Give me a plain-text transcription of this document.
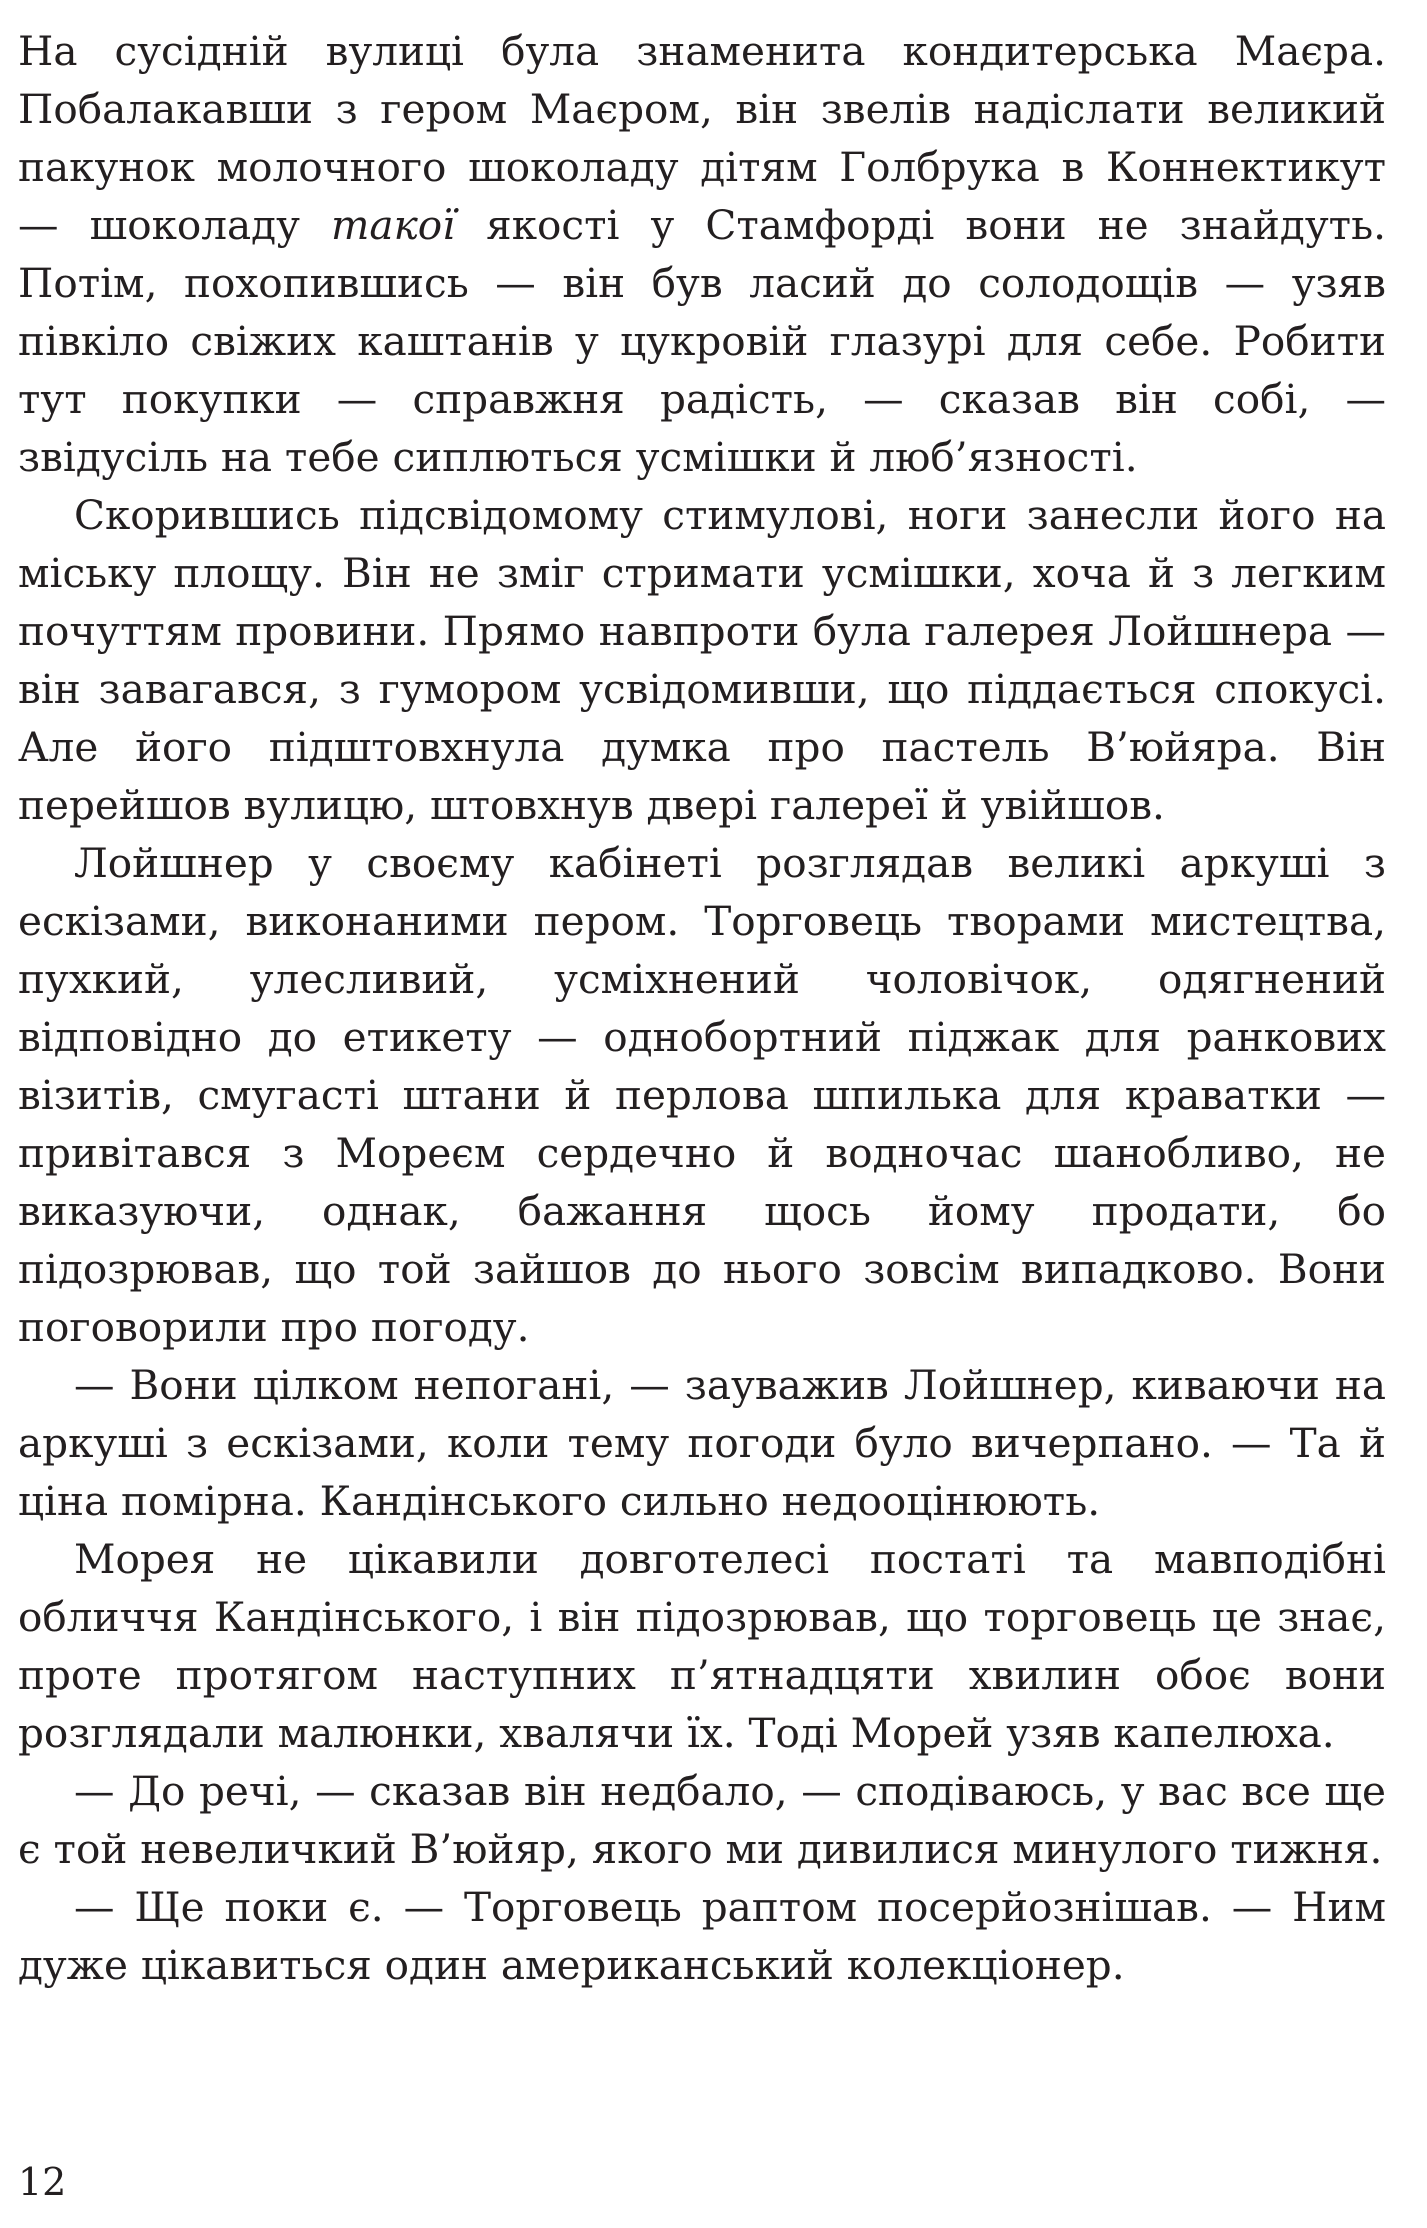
На сусідній вулиці була знаменита кондитерська Маєра. Побалакавши з гером Маєром, він звелів надіслати великий пакунок молочного шоколаду дітям Голбрука в Коннектикут — шоколаду такої якості у Стамфорді вони не знайдуть. Потім, похопившись — він був ласий до солодощів — узяв півкіло свіжих каштанів у цукровій глазурі для себе. Робити тут покупки — справжня радість, — сказав він собі, — звідусіль на тебе сиплються усмішки й люб’язності.

Скорившись підсвідомому стимулові, ноги занесли його на міську площу. Він не зміг стримати усмішки, хоча й з легким почуттям провини. Прямо навпроти була галерея Лойшнера — він завагався, з гумором усвідомивши, що піддається спокусі. Але його підштовхнула думка про пастель В’юйяра. Він перейшов вулицю, штовхнув двері галереї й увійшов.

Лойшнер у своєму кабінеті розглядав великі аркуші з ескізами, виконаними пером. Торговець творами мистецтва, пухкий, улесливий, усміхнений чоловічок, одягнений відповідно до етикету — однобортний піджак для ранкових візитів, смугасті штани й перлова шпилька для краватки — привітався з Мореєм сердечно й водночас шанобливо, не виказуючи, однак, бажання щось йому продати, бо підозрював, що той зайшов до нього зовсім випадково. Вони поговорили про погоду.

— Вони цілком непогані, — зауважив Лойшнер, киваючи на аркуші з ескізами, коли тему погоди було вичерпано. — Та й ціна помірна. Кандінського сильно недооцінюють.

Морея не цікавили довготелесі постаті та мавподібні обличчя Кандінського, і він підозрював, що торговець це знає, проте протягом наступних п’ятнадцяти хвилин обоє вони розглядали малюнки, хвалячи їх. Тоді Морей узяв капелюха.

— До речі, — сказав він недбало, — сподіваюсь, у вас все ще є той невеличкий В’юйяр, якого ми дивилися минулого тижня.

— Ще поки є. — Торговець раптом посерйознішав. — Ним дуже цікавиться один американський колекціонер.

12
